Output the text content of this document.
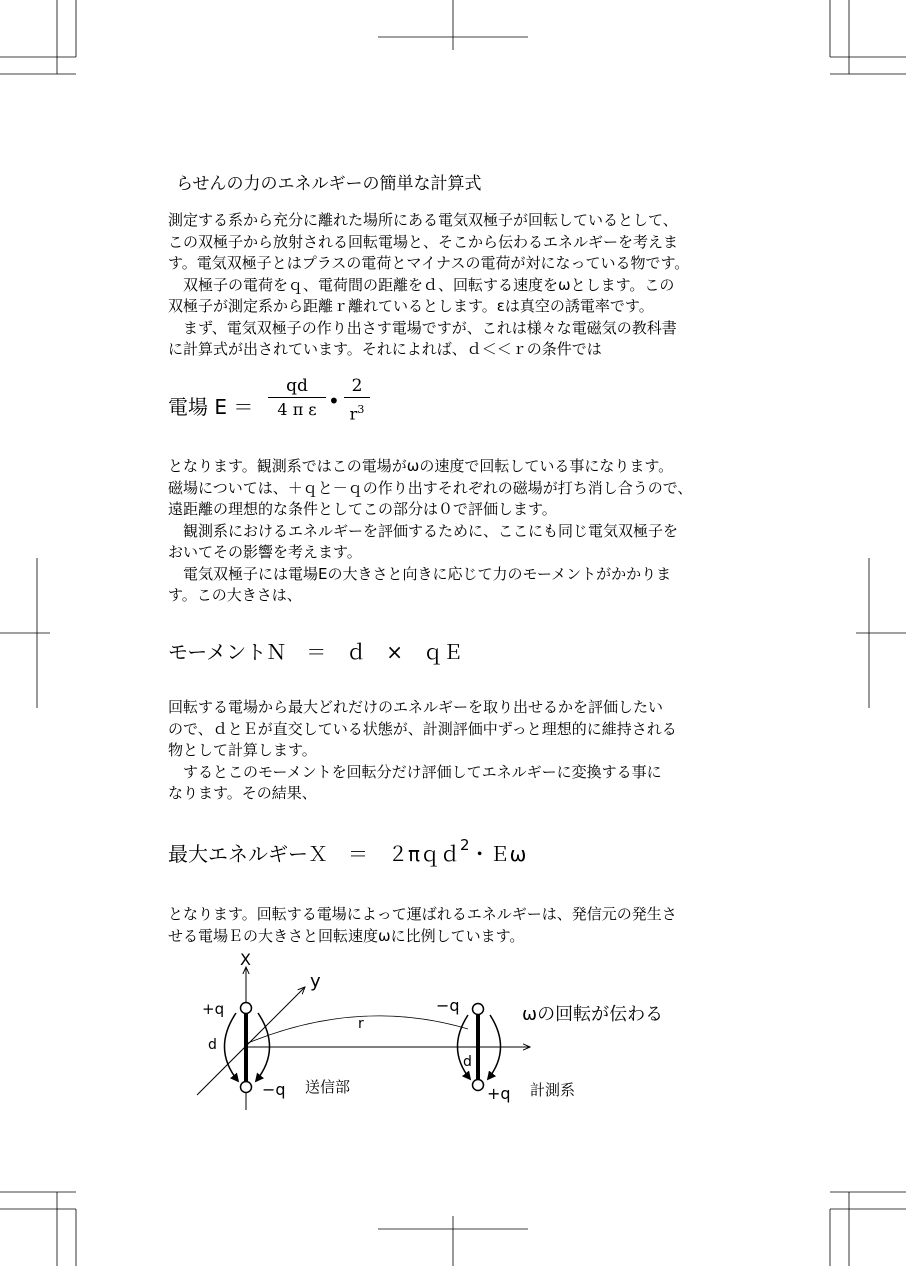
らせんの力のエネルギーの簡単な計算式

測定する系から充分に離れた場所にある電気双極子が回転しているとして、

この双極子から放射される回転電場と、そこから伝わるエネルギーを考えま

す。電気双極子とはプラスの電荷とマイナスの電荷が対になっている物です。

　双極子の電荷をｑ、電荷間の距離をｄ、回転する速度をωとします。この

双極子が測定系から距離ｒ離れているとします。εは真空の誘電率です。

　まず、電気双極子の作り出さす電場ですが、これは様々な電磁気の教科書

に計算式が出されています。それによれば、ｄ＜＜ｒの条件では

電場 E ＝
qd
4 π ε •
2
$r^3$

となります。観測系ではこの電場がωの速度で回転している事になります。

磁場については、＋ｑと－ｑの作り出すそれぞれの磁場が打ち消し合うので、

遠距離の理想的な条件としてこの部分は０で評価します。

　観測系におけるエネルギーを評価するために、ここにも同じ電気双極子を

おいてその影響を考えます。

　電気双極子には電場Eの大きさと向きに応じて力のモーメントがかかりま

す。この大きさは、

モーメントＮ　＝　ｄ　×　ｑＥ

回転する電場から最大どれだけのエネルギーを取り出せるかを評価したい

ので、ｄとＥが直交している状態が、計測評価中ずっと理想的に維持される

物として計算します。

　するとこのモーメントを回転分だけ評価してエネルギーに変換する事に

なります。その結果、

最大エネルギーＸ　＝　２πｑｄ$^2$・Ｅω

となります。回転する電場によって運ばれるエネルギーは、発信元の発生さ

せる電場Ｅの大きさと回転速度ωに比例しています。

X
y
+q
d
−q 送信部
r
−q
d
+q 計測系
ωの回転が伝わる
